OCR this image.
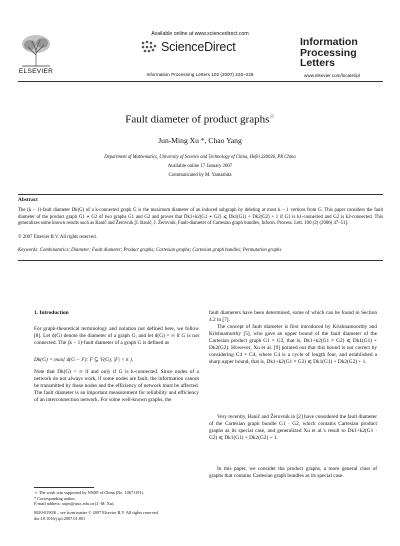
Available online at www.sciencedirect.com
ScienceDirect
ELSEVIER	Information Processing Letters 102 (2007) 226–228
Information
Processing
Letters
www.elsevier.com/locate/ipl
Fault diameter of product graphs☆
Jun-Ming Xu *, Chao Yang
Department of Mathematics, University of Science and Technology of China, Hefei 230026, PR China
Available online 17 January 2007
Communicated by M. Yamashita
Abstract
The (k − 1)-fault diameter Dk(G) of a k-connected graph G is the maximum diameter of an induced subgraph by deleting at most k − 1 vertices from G. This paper considers the fault diameter of the product graph G1 ∗ G2 of two graphs G1 and G2 and proves that Dk1+k2(G1 ∗ G2) ⩽ Dk1(G1) + Dk2(G2) + 1 if G1 is k1-connected and G2 is k2-connected. This generalizes some known results such as Banič and Žerovnik [I. Banič, J. Žerovnik, Fault-diameter of Cartesian graph bundles, Inform. Process. Lett. 100 (2) (2006) 47–51].
© 2007 Elsevier B.V. All rights reserved.
Keywords: Combinatorics; Diameter; Fault diameter; Product graphs; Cartesian graphs; Cartesian graph bundles; Permutation graphs
1. Introduction
For graph-theoretical terminology and notation not defined here, we follow [8]. Let d(G) denote the diameter of a graph G, and let d(G) = ∞ if G is not connected. The (k − 1)-fault diameter of a graph G is defined as
Dk(G) = max{ d(G − F): F ⊆ V(G), |F| < k }.
Note that Dk(G) < ∞ if and only if G is k-connected. Since nodes of a network do not always work, if some nodes are fault, the information cannot be transmitted by these nodes and the efficiency of network must be affected. The fault diameter is an important measurement for reliability and efficiency of an interconnection network. For some well-known graphs, the
fault diameters have been determined, some of which can be found in Section 4.2 in [7].
The concept of fault diameter is first introduced by Krishnamoorthy and Krishnamurthy [5], who gave an upper bound of the fault diameter of the Cartesian product graph G1 × G2, that is, Dk1+k2(G1 × G2) ⩽ Dk1(G1) + Dk2(G2). However, Xu et al. [9] pointed out that this bound is not correct by considering C4 × C4, where C4 is a cycle of length four, and established a sharp upper bound, that is, Dk1+k2(G1 × G2) ⩽ Dk1(G1) + Dk2(G2) + 1.
Very recently, Banič and Žerovnik in [2] have considered the fault diameter of the Cartesian graph bundle G1 · G2, which contains Cartesian product graphs as its special case, and generalized Xu et al.'s result to Dk1+k2(G1 · G2) ⩽ Dk1(G1) + Dk2(G2) + 1.
In this paper, we consider the product graphs, a more general class of graphs that contains Cartesian graph bundles as its special case.
☆ The work was supported by NNSF of China (No. 10671191).
* Corresponding author.
E-mail address: xujm@ustc.edu.cn (J.-M. Xu).
0020-0190/$ – see front matter © 2007 Elsevier B.V. All rights reserved.
doi:10.1016/j.ipl.2007.01.001
